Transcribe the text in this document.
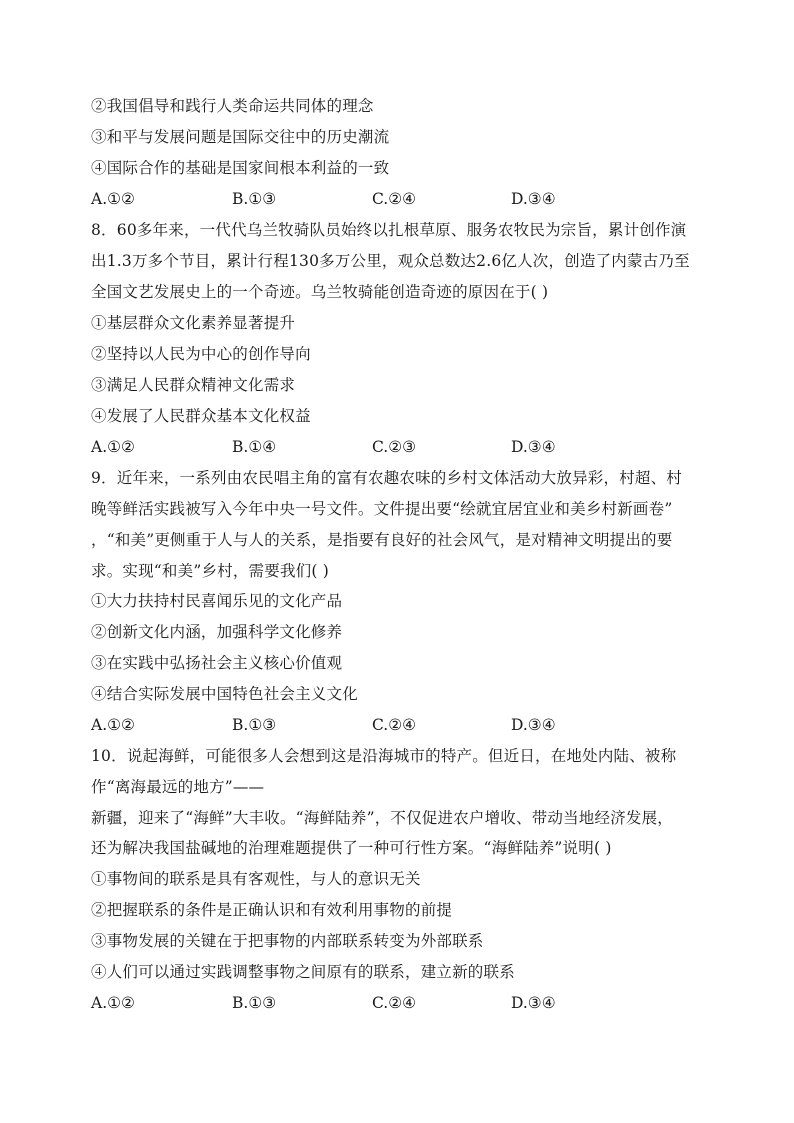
②我国倡导和践行人类命运共同体的理念
③和平与发展问题是国际交往中的历史潮流
④国际合作的基础是国家间根本利益的一致
A.①②	B.①③	C.②④	D.③④
8．60多年来，一代代乌兰牧骑队员始终以扎根草原、服务农牧民为宗旨，累计创作演
出1.3万多个节目，累计行程130多万公里，观众总数达2.6亿人次，创造了内蒙古乃至
全国文艺发展史上的一个奇迹。乌兰牧骑能创造奇迹的原因在于( )
①基层群众文化素养显著提升
②坚持以人民为中心的创作导向
③满足人民群众精神文化需求
④发展了人民群众基本文化权益
A.①②	B.①④	C.②③	D.③④
9．近年来，一系列由农民唱主角的富有农趣农味的乡村文体活动大放异彩，村超、村
晚等鲜活实践被写入今年中央一号文件。文件提出要“绘就宜居宜业和美乡村新画卷”
，“和美”更侧重于人与人的关系，是指要有良好的社会风气，是对精神文明提出的要
求。实现“和美”乡村，需要我们( )
①大力扶持村民喜闻乐见的文化产品
②创新文化内涵，加强科学文化修养
③在实践中弘扬社会主义核心价值观
④结合实际发展中国特色社会主义文化
A.①②	B.①③	C.②④	D.③④
10．说起海鲜，可能很多人会想到这是沿海城市的特产。但近日，在地处内陆、被称
作“离海最远的地方”——
新疆，迎来了“海鲜”大丰收。“海鲜陆养”，不仅促进农户增收、带动当地经济发展，
还为解决我国盐碱地的治理难题提供了一种可行性方案。“海鲜陆养”说明( )
①事物间的联系是具有客观性，与人的意识无关
②把握联系的条件是正确认识和有效利用事物的前提
③事物发展的关键在于把事物的内部联系转变为外部联系
④人们可以通过实践调整事物之间原有的联系，建立新的联系
A.①②	B.①③	C.②④	D.③④
